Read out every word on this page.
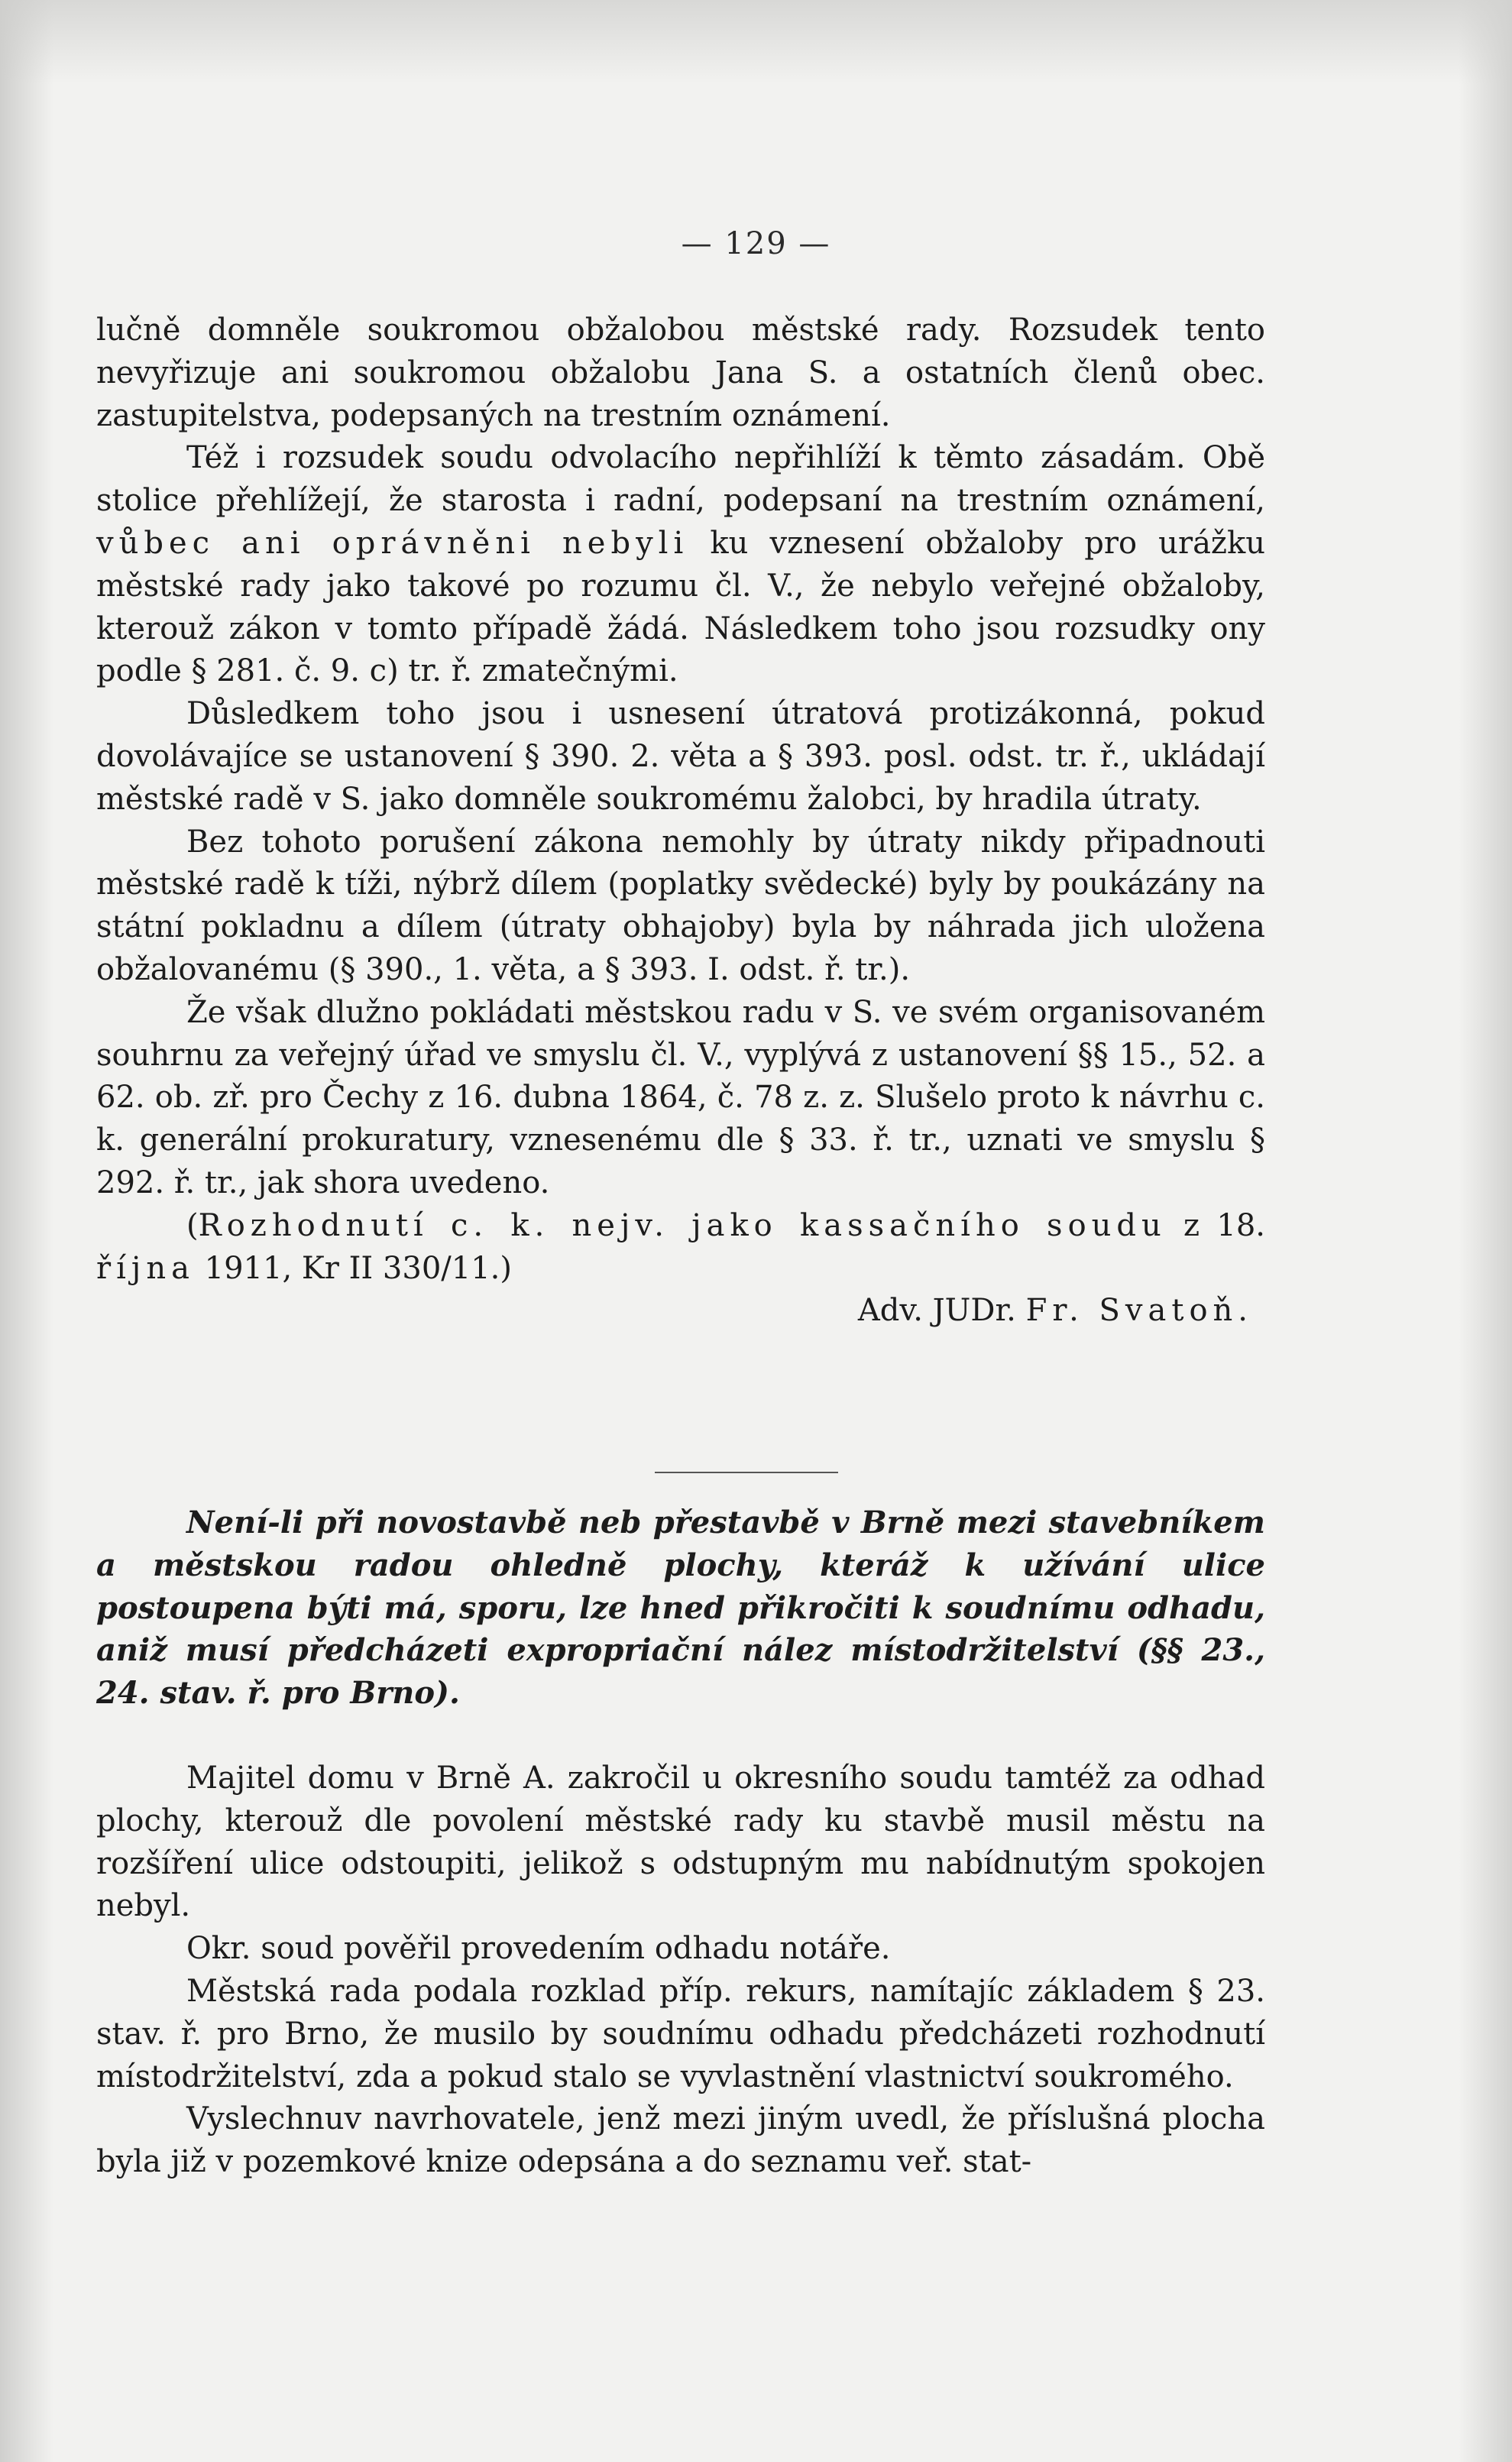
— 129 —

lučně domněle soukromou obžalobou městské rady. Rozsudek tento nevyřizuje ani soukromou obžalobu Jana S. a ostatních členů obec. zastupitelstva, podepsaných na trestním oznámení.

Též i rozsudek soudu odvolacího nepřihlíží k těmto zásadám. Obě stolice přehlížejí, že starosta i radní, podepsaní na trestním oznámení, vůbec ani oprávněni nebyli ku vznesení obžaloby pro urážku městské rady jako takové po rozumu čl. V., že nebylo veřejné obžaloby, kterouž zákon v tomto případě žádá. Následkem toho jsou rozsudky ony podle § 281. č. 9. c) tr. ř. zmatečnými.

Důsledkem toho jsou i usnesení útratová protizákonná, pokud dovolávajíce se ustanovení § 390. 2. věta a § 393. posl. odst. tr. ř., ukládají městské radě v S. jako domněle soukromému žalobci, by hradila útraty.

Bez tohoto porušení zákona nemohly by útraty nikdy připadnouti městské radě k tíži, nýbrž dílem (poplatky svědecké) byly by poukázány na státní pokladnu a dílem (útraty obhajoby) byla by náhrada jich uložena obžalovanému (§ 390., 1. věta, a § 393. I. odst. ř. tr.).

Že však dlužno pokládati městskou radu v S. ve svém organisovaném souhrnu za veřejný úřad ve smyslu čl. V., vyplývá z ustanovení §§ 15., 52. a 62. ob. zř. pro Čechy z 16. dubna 1864, č. 78 z. z. Slušelo proto k návrhu c. k. generální prokuratury, vznesenému dle § 33. ř. tr., uznati ve smyslu § 292. ř. tr., jak shora uvedeno.

(Rozhodnutí c. k. nejv. jako kassačního soudu z 18. října 1911, Kr II 330/11.)

Adv. JUDr. Fr. Svatoň.

Není-li při novostavbě neb přestavbě v Brně mezi stavebníkem a městskou radou ohledně plochy, kteráž k užívání ulice postoupena býti má, sporu, lze hned přikročiti k soudnímu odhadu, aniž musí předcházeti expropriační nález místodržitelství (§§ 23., 24. stav. ř. pro Brno).

Majitel domu v Brně A. zakročil u okresního soudu tamtéž za odhad plochy, kterouž dle povolení městské rady ku stavbě musil městu na rozšíření ulice odstoupiti, jelikož s odstupným mu nabídnutým spokojen nebyl.

Okr. soud pověřil provedením odhadu notáře.

Městská rada podala rozklad příp. rekurs, namítajíc základem § 23. stav. ř. pro Brno, že musilo by soudnímu odhadu předcházeti rozhodnutí místodržitelství, zda a pokud stalo se vyvlastnění vlastnictví soukromého.

Vyslechnuv navrhovatele, jenž mezi jiným uvedl, že příslušná plocha byla již v pozemkové knize odepsána a do seznamu veř. stat-
